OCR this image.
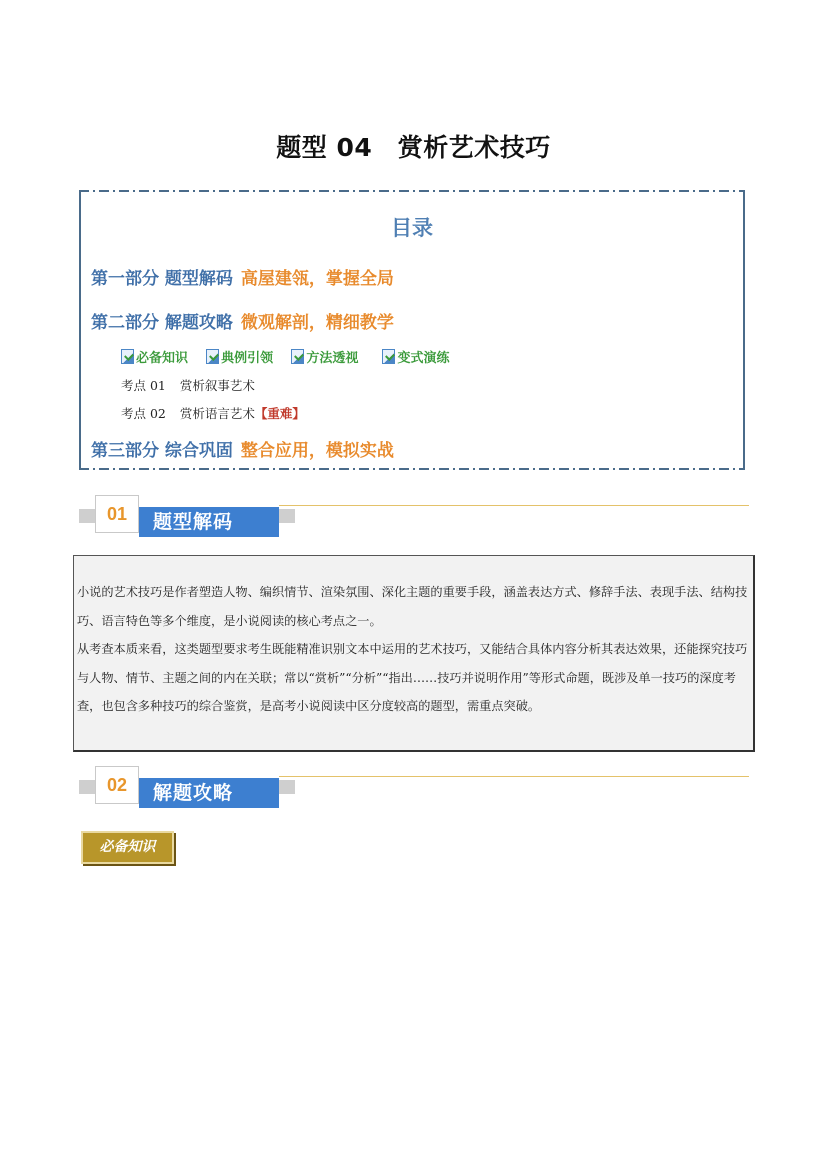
题型 04　赏析艺术技巧
目录
第一部分 题型解码 高屋建瓴，掌握全局
第二部分 解题攻略 微观解剖，精细教学
必备知识	典例引领	方法透视	变式演练
考点 01 赏析叙事艺术
考点 02 赏析语言艺术【重难】
第三部分 综合巩固 整合应用，模拟实战
01	题型解码

小说的艺术技巧是作者塑造人物、编织情节、渲染氛围、深化主题的重要手段，涵盖表达方式、修辞手法、表现手法、结构技巧、语言特色等多个维度，是小说阅读的核心考点之一。

从考查本质来看，这类题型要求考生既能精准识别文本中运用的艺术技巧，又能结合具体内容分析其表达效果，还能探究技巧与人物、情节、主题之间的内在关联；常以“赏析”“分析”“指出……技巧并说明作用”等形式命题，既涉及单一技巧的深度考查，也包含多种技巧的综合鉴赏，是高考小说阅读中区分度较高的题型，需重点突破。

02	解题攻略
必备知识
